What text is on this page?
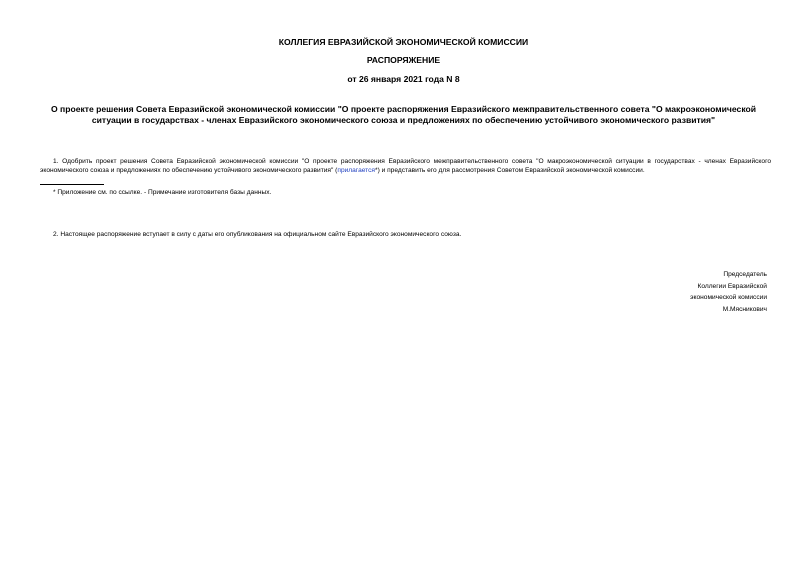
КОЛЛЕГИЯ ЕВРАЗИЙСКОЙ ЭКОНОМИЧЕСКОЙ КОМИССИИ
РАСПОРЯЖЕНИЕ
от 26 января 2021 года N 8
О проекте решения Совета Евразийской экономической комиссии "О проекте распоряжения Евразийского межправительственного совета "О макроэкономической
ситуации в государствах - членах Евразийского экономического союза и предложениях по обеспечению устойчивого экономического развития"
1. Одобрить проект решения Совета Евразийской экономической комиссии "О проекте распоряжения Евразийского межправительственного совета "О макроэкономической ситуации в государствах - членах Евразийского экономического союза и предложениях по обеспечению устойчивого экономического развития" (прилагается*) и представить его для рассмотрения Советом Евразийской экономической комиссии.
* Приложение см. по ссылке. - Примечание изготовителя базы данных.
2. Настоящее распоряжение вступает в силу с даты его опубликования на официальном сайте Евразийского экономического союза.
Председатель
Коллегии Евразийской
экономической комиссии
М.Мясникович
